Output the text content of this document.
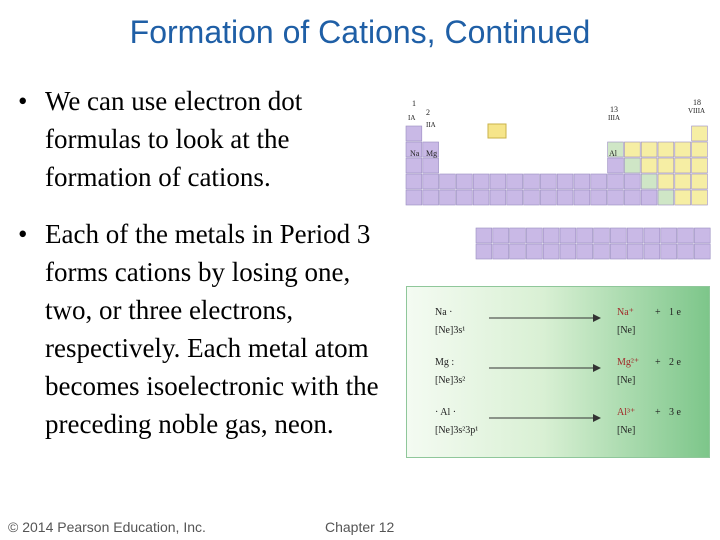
Formation of Cations, Continued
• We can use electron dot formulas to look at the formation of cations.
• Each of the metals in Period 3 forms cations by losing one, two, or three electrons, respectively. Each metal atom becomes isoelectronic with the preceding noble gas, neon.
1
2	13
18
IA
IIA
IIIA
VIIIA
Na Mg	Al
Na ·
[Ne]3s¹
Na⁺ + 1 e
[Ne]
Mg :
[Ne]3s²
Mg²⁺ + 2 e
[Ne]
· Al ·
[Ne]3s²3p¹
Al³⁺ + 3 e
[Ne]
© 2014 Pearson Education, Inc.	Chapter 12
